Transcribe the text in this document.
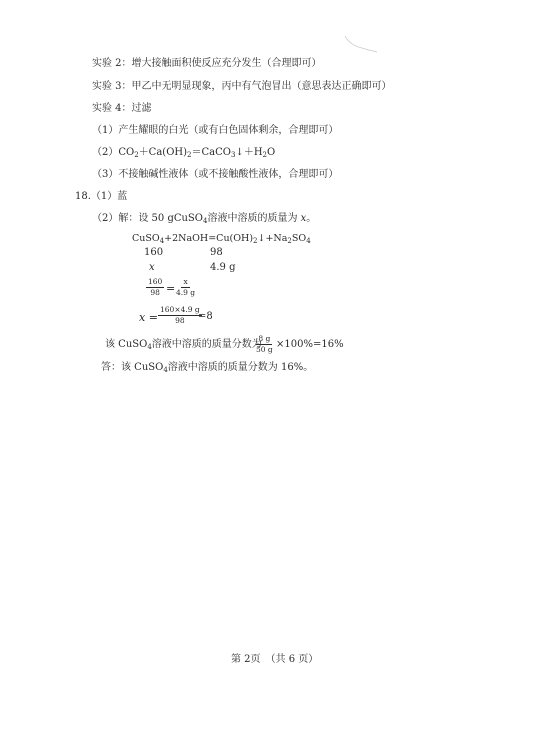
实验 2：增大接触面积使反应充分发生（合理即可）
实验 3：甲乙中无明显现象，丙中有气泡冒出（意思表达正确即可）
实验 4：过滤
（1）产生耀眼的白光（或有白色固体剩余，合理即可）
$(2)CO_2+Ca(OH)_2=CaCO_3↓+H_2O$
（3）不接触碱性液体（或不接触酸性液体，合理即可）
18.（1）蓝
（2）解：设 50 gCuSO$_4$溶液中溶质的质量为 x。
$CuSO_4+2NaOH=Cu(OH)_2↓+Na_2SO_4$
160	98
x	4.9 g
$\frac{160}{98} = \frac{x}{4.9 g}$
$x = \frac{160\times 4.9 g}{98}$
=8
该 CuSO$_4$溶液中溶质的质量分数为
$\frac{8 g}{50 g} \times 100\%=16\%$
答：该 CuSO$_4$溶液中溶质的质量分数为 16%。
第 2页　（共 6 页）
